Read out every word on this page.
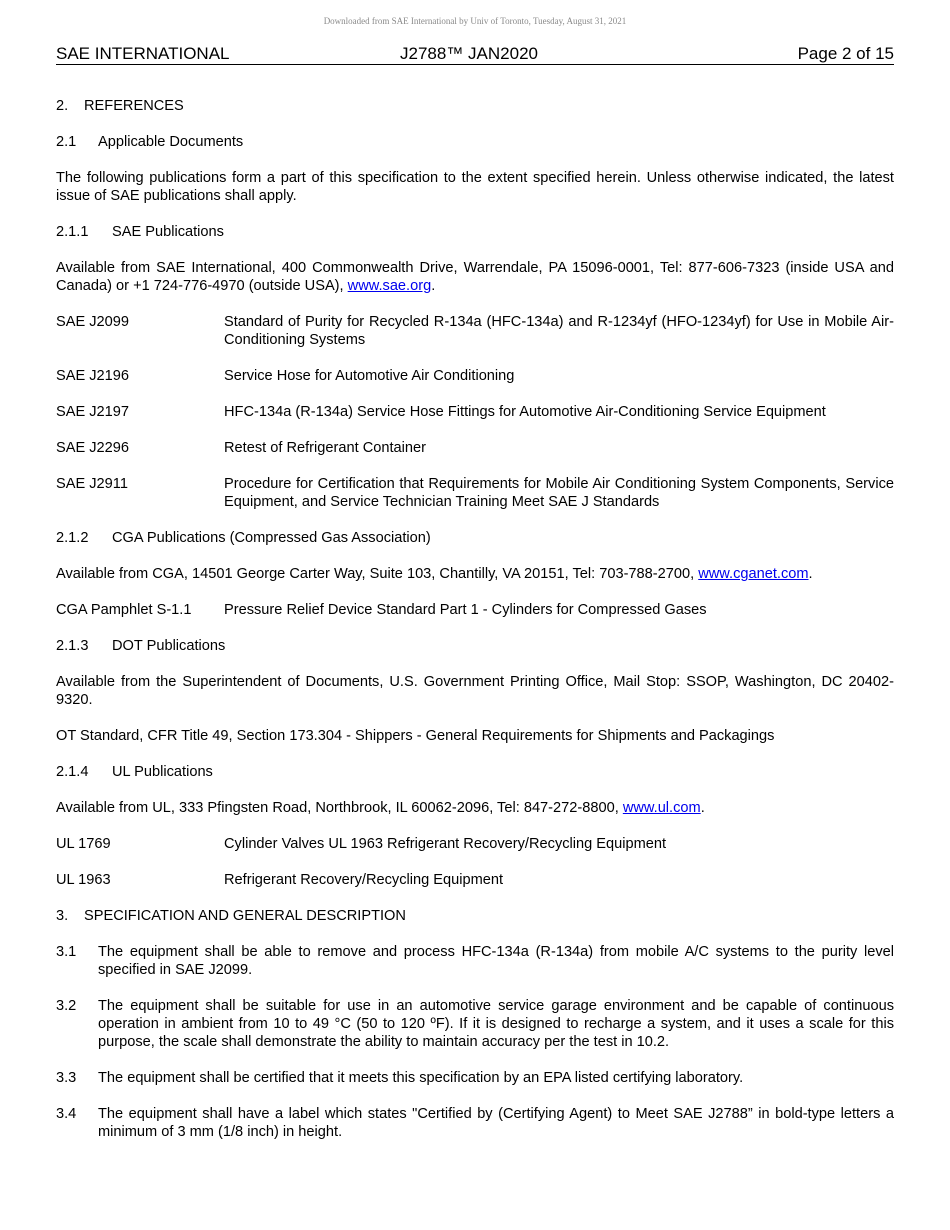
Downloaded from SAE International by Univ of Toronto, Tuesday, August 31, 2021
SAE INTERNATIONAL	J2788™ JAN2020	Page 2 of 15

2. REFERENCES

2.1 Applicable Documents

The following publications form a part of this specification to the extent specified herein. Unless otherwise indicated, the latest issue of SAE publications shall apply.

2.1.1 SAE Publications

Available from SAE International, 400 Commonwealth Drive, Warrendale, PA 15096-0001, Tel: 877-606-7323 (inside USA and Canada) or +1 724-776-4970 (outside USA), www.sae.org.

SAE J2099	Standard of Purity for Recycled R-134a (HFC-134a) and R-1234yf (HFO-1234yf) for Use in Mobile Air-Conditioning Systems
SAE J2196	Service Hose for Automotive Air Conditioning
SAE J2197	HFC-134a (R-134a) Service Hose Fittings for Automotive Air-Conditioning Service Equipment
SAE J2296	Retest of Refrigerant Container
SAE J2911	Procedure for Certification that Requirements for Mobile Air Conditioning System Components, Service Equipment, and Service Technician Training Meet SAE J Standards

2.1.2 CGA Publications (Compressed Gas Association)

Available from CGA, 14501 George Carter Way, Suite 103, Chantilly, VA 20151, Tel: 703-788-2700, www.cganet.com.

CGA Pamphlet S-1.1	Pressure Relief Device Standard Part 1 - Cylinders for Compressed Gases

2.1.3 DOT Publications

Available from the Superintendent of Documents, U.S. Government Printing Office, Mail Stop: SSOP, Washington, DC 20402-9320.

OT Standard, CFR Title 49, Section 173.304 - Shippers - General Requirements for Shipments and Packagings

2.1.4 UL Publications

Available from UL, 333 Pfingsten Road, Northbrook, IL 60062-2096, Tel: 847-272-8800, www.ul.com.

UL 1769	Cylinder Valves UL 1963 Refrigerant Recovery/Recycling Equipment
UL 1963	Refrigerant Recovery/Recycling Equipment

3. SPECIFICATION AND GENERAL DESCRIPTION

3.1	The equipment shall be able to remove and process HFC-134a (R-134a) from mobile A/C systems to the purity level specified in SAE J2099.
3.2	The equipment shall be suitable for use in an automotive service garage environment and be capable of continuous operation in ambient from 10 to 49 °C (50 to 120 ºF). If it is designed to recharge a system, and it uses a scale for this purpose, the scale shall demonstrate the ability to maintain accuracy per the test in 10.2.
3.3	The equipment shall be certified that it meets this specification by an EPA listed certifying laboratory.
3.4	The equipment shall have a label which states "Certified by (Certifying Agent) to Meet SAE J2788” in bold-type letters a minimum of 3 mm (1/8 inch) in height.
